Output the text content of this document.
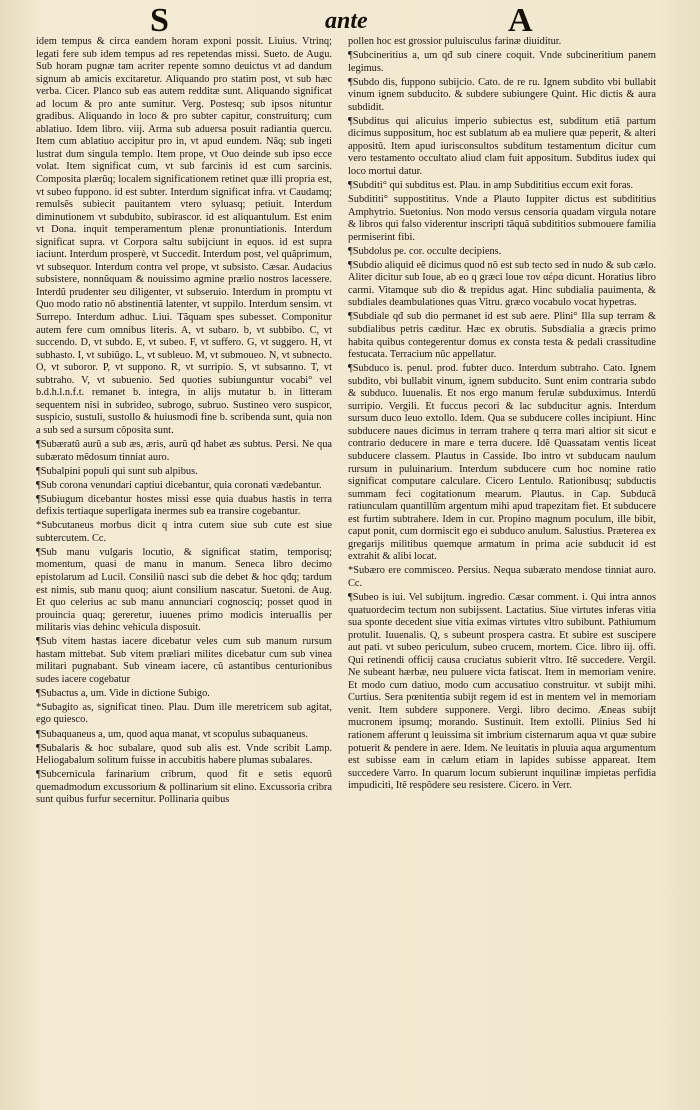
S	ante	A

idem tempus & circa eandem horam exponi possit. Liuius. Vtrinq; legati fere sub idem tempus ad res repetendas missi. Sueto. de Augu. Sub horam pugnæ tam acriter repente somno deuictus vt ad dandum signum ab amicis excitaretur. Aliquando pro statim post, vt sub hæc verba. Cicer. Planco sub eas autem redditæ sunt. Aliquando significat ad locum & pro ante sumitur. Verg. Postesq; sub ipsos nituntur gradibus. Aliquando in loco & pro subter capitur, construiturq; cum ablatiuo. Idem libro. viij. Arma sub aduersa posuit radiantia quercu. Item cum ablatiuo accipitur pro in, vt apud eundem. Nãq; sub ingeti lustrat dum singula templo. Item prope, vt Ouo deinde sub ipso ecce volat. Item significat cum, vt sub farcinis id est cum sarcinis. Composita plærũq; localem significationem retinet quæ illi propria est, vt subeo fuppono. id est subter. Interdum significat infra. vt Caudamq; remulsẽs subiecit pauitantem vtero syluasq; petiuit. Interdum diminutionem vt subdubito, subirascor. id est aliquantulum. Est enim vt Dona. inquit temperamentum plenæ pronuntiationis. Interdum significat supra. vt Corpora saltu subijciunt in equos. id est supra iaciunt. Interdum prosperè, vt Succedit. Interdum post, vel quãprimum, vt subsequor. Interdum contra vel prope, vt subsisto. Cæsar. Audacius subsistere, nonnũquam & nouissimo agmine prælio nostros lacessere. Interdũ prudenter seu diligenter, vt subseruio. Interdum in promptu vt Quo modo ratio nõ abstinentiã latenter, vt suppilo. Interdum sensim. vt Surrepo. Interdum adhuc. Liui. Tãquam spes subesset. Componitur autem fere cum omnibus literis. A, vt subaro. b, vt subbibo. C, vt succendo. D, vt subdo. E, vt subeo. F, vt suffero. G, vt suggero. H, vt subhasto. I, vt subiũgo. L, vt subleuo. M, vt submoueo. N, vt subnecto. O, vt suboror. P, vt suppono. R, vt surripio. S, vt subsanno. T, vt subtraho. V, vt subuenio. Sed quoties subiunguntur vocabi° vel b.d.h.l.n.f.t. remanet b. integra, in alijs mutatur b. in litteram sequentem nisi in subrideo, subrogo, subruo. Sustineo vero suspicor, suspicio, sustuli, sustollo & huiusmodi fine b. scribenda sunt, quia non a sub sed a sursum cõposita sunt.

¶Subæratũ aurũ a sub æs, æris, aurũ qđ habet æs subtus. Persi. Ne qua subærato mẽdosum tinniat auro.

¶Subalpini populi qui sunt sub alpibus.

¶Sub corona venundari captiui dicebantur, quia coronati vædebantur.

¶Subiugum dicebantur hostes missi esse quia duabus hastis in terra defixis tertiaque superligata inermes sub ea transire cogebantur.

*Subcutaneus morbus dicit q intra cutem siue sub cute est siue subtercutem. Cc.

¶Sub manu vulgaris locutio, & significat statim, temporisq; momentum, quasi de manu in manum. Seneca libro decimo epistolarum ad Lucil. Consiliũ nasci sub die debet & hoc qđq; tardum est nimis, sub manu quoq; aiunt consilium nascatur. Suetoni. de Aug. Et quo celerius ac sub manu annunciari cognosciq; posset quod in prouincia quaq; gereretur, iuuenes primo modicis interuallis per militaris vias dehinc vehicula disposuit.

¶Sub vitem hastas iacere dicebatur veles cum sub manum rursum hastam mittebat. Sub vitem præliari milites dicebatur cum sub vinea militari pugnabant. Sub vineam iacere, cũ astantibus centurionibus sudes iacere cogebatur

¶Subactus a, um. Vide in dictione Subigo.

*Subagito as, significat tineo. Plau. Dum ille meretricem sub agitat, ego quiesco.

¶Subaquaneus a, um, quod aqua manat, vt scopulus subaquaneus.

¶Subalaris & hoc subalare, quod sub alis est. Vnde scribit Lamp. Heliogabalum solitum fuisse in accubitis habere plumas subalares.

¶Subcernicula farinarium cribrum, quod fit e setis equorũ quemadmodum excussorium & pollinarium sit elino. Excussoria cribra sunt quibus furfur secernitur. Pollinaria quibus

pollen hoc est grossior puluisculus farinæ diuiditur.

¶Subcineritius a, um qđ sub cinere coquit. Vnde subcineritium panem legimus.

¶Subdo dis, fuppono subijcio. Cato. de re ru. Ignem subdito vbi bullabit vinum ignem subducito. & subdere subiungere Quint. Hic dictis & aura subdidit.

¶Subditus qui alicuius imperio subiectus est, subditum etiã partum dicimus suppositum, hoc est sublatum ab ea muliere quæ peperit, & alteri appositũ. Item apud iurisconsultos subditum testamentum dicitur cum vero testamento occultato aliud clam fuit appositum. Subditus iudex qui loco mortui datur.

¶Subditi° qui subditus est. Plau. in amp Subdititius eccum exit foras.

Subdititi° suppostititus. Vnde a Plauto Iuppiter dictus est subdititius Amphytrio. Suetonius. Non modo versus censoria quadam virgula notare & libros qui falso viderentur inscripti tãquã subdititios submouere familia permiserint fibi.

¶Subdolus pe. cor. occulte decipiens.

¶Subdio aliquid eẽ dicimus quod nõ est sub tecto sed in nudo & sub cælo. Aliter dicitur sub Ioue, ab eo q græci loue τον αέρα dicunt. Horatius libro carmi. Vitamque sub dio & trepidus agat. Hinc subdialia pauimenta, & subdiales deambulationes quas Vitru. græco vocabulo vocat hypetras.

¶Subdiale qđ sub dio permanet id est sub aere. Plini° Illa sup terram & subdialibus petris cæditur. Hæc ex obrutis. Subsdialia a græcis primo habita quibus contegerentur domus ex consta testa & pedali crassitudine festucata. Terracium nũc appellatur.

¶Subduco is. penul. prod. fubter duco. Interdum subtraho. Cato. Ignem subdito, vbi bullabit vinum, ignem subducito. Sunt enim contraria subdo & subduco. Iuuenalis. Et nos ergo manum ferulæ subduximus. Interdũ surripio. Vergili. Et fuccus pecori & lac subducitur agnis. Interdum sursum duco leuo extollo. Idem. Qua se subducere colles incipiunt. Hinc subducere naues dicimus in terram trahere q terra mari altior sit sicut e contrario deducere in mare e terra ducere. Idẽ Quassatam ventis liceat subducere classem. Plautus in Casside. Ibo intro vt subducam naulum rursum in puluinarium. Interdum subducere cum hoc nomine ratio significat computare calculare. Cicero Lentulo. Rationibusq; subductis summam feci cogitationum mearum. Plautus. in Cap. Subducã ratiunculam quantillũm argentum mihi apud trapezitam fiet. Et subducere est furtim subtrahere. Idem in cur. Propino magnum poculum, ille bibit, caput ponit, cum dormiscit ego ei subduco anulum. Salustius. Præterea ex gregarijs militibus quemque armatum in prima acie subducit id est extrahit & alibi locat.

*Subæro ere commisceo. Persius. Nequa subærato mendose tinniat auro. Cc.

¶Subeo is iui. Vel subijtum. ingredio. Cæsar comment. i. Qui intra annos quatuordecim tectum non subijssent. Lactatius. Siue virtutes inferas vitia sua sponte decedent siue vitia eximas virtutes vltro subibunt. Pathiumum protulit. Iuuenalis. Q, s subeunt prospera castra. Et subire est suscipere aut pati. vt subeo periculum, subeo crucem, mortem. Cice. libro iij. offi. Qui retinendi officij causa cruciatus subierit vltro. Itẽ succedere. Vergil. Ne subeant hærbæ, neu puluere victa fatiscat. Item in memoriam venire. Et modo cum datiuo, modo cum accusatiuo construitur. vt subijt mihi. Curtius. Sera pœnitentia subijt regem id est in mentem vel in memoriam venit. Item subdere supponere. Vergi. libro decimo. Æneas subijt mucronem ipsumq; morando. Sustinuit. Item extolli. Plinius Sed hi rationem afferunt q leuissima sit imbrium cisternarum aqua vt quæ subire potuerit & pendere in aere. Idem. Ne leuitatis in pluuia aqua argumentum est subisse eam in cælum etiam in lapides subisse appareat. Item succedere Varro. In quarum locum subierunt inquilinæ impietas perfidia impudiciti, Itẽ respõdere seu resistere. Cicero. in Verr.
